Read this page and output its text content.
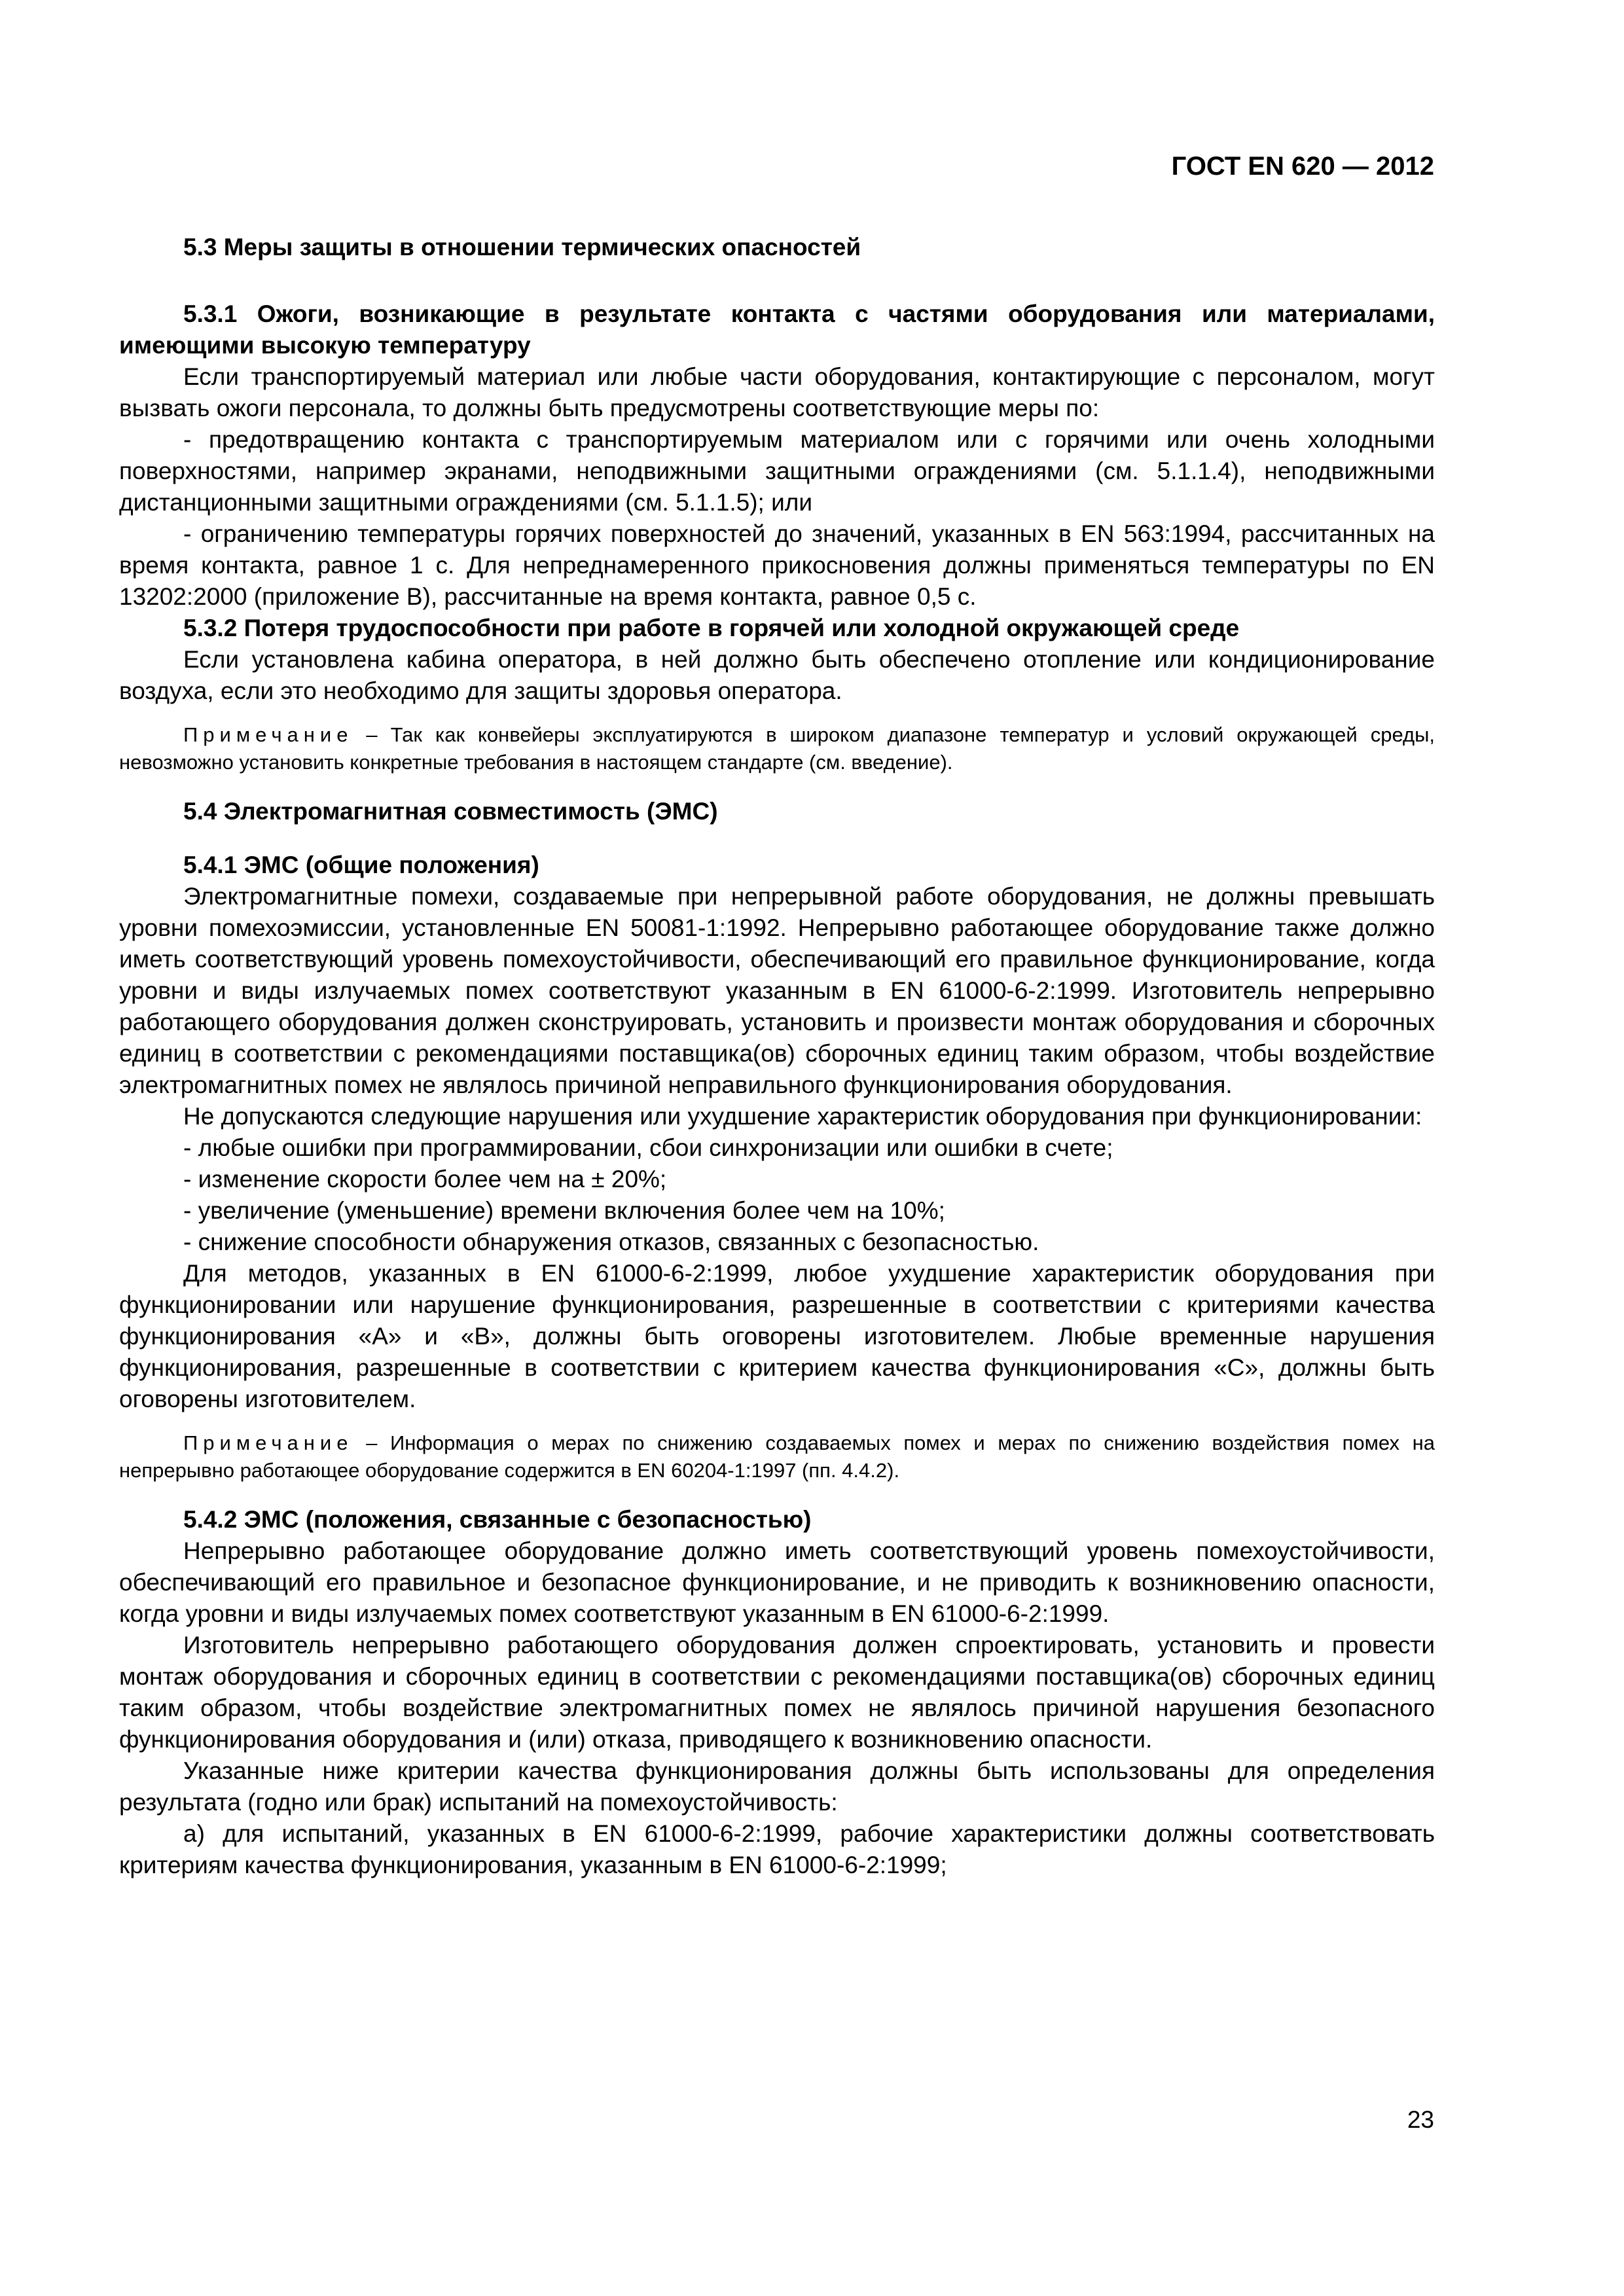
ГОСТ EN 620 — 2012

5.3 Меры защиты в отношении термических опасностей

5.3.1 Ожоги, возникающие в результате контакта с частями оборудования или материалами, имеющими высокую температуру

Если транспортируемый материал или любые части оборудования, контактирующие с персоналом, могут вызвать ожоги персонала, то должны быть предусмотрены соответствующие меры по:

- предотвращению контакта с транспортируемым материалом или с горячими или очень холодными поверхностями, например экранами, неподвижными защитными ограждениями (см. 5.1.1.4), неподвижными дистанционными защитными ограждениями (см. 5.1.1.5); или

- ограничению температуры горячих поверхностей до значений, указанных в EN 563:1994, рассчитанных на время контакта, равное 1 с. Для непреднамеренного прикосновения должны применяться температуры по EN 13202:2000 (приложение В), рассчитанные на время контакта, равное 0,5 с.

5.3.2 Потеря трудоспособности при работе в горячей или холодной окружающей среде

Если установлена кабина оператора, в ней должно быть обеспечено отопление или кондиционирование воздуха, если это необходимо для защиты здоровья оператора.

Примечание – Так как конвейеры эксплуатируются в широком диапазоне температур и условий окружающей среды, невозможно установить конкретные требования в настоящем стандарте (см. введение).

5.4 Электромагнитная совместимость (ЭМС)

5.4.1 ЭМС (общие положения)

Электромагнитные помехи, создаваемые при непрерывной работе оборудования, не должны превышать уровни помехоэмиссии, установленные EN 50081-1:1992. Непрерывно работающее оборудование также должно иметь соответствующий уровень помехоустойчивости, обеспечивающий его правильное функционирование, когда уровни и виды излучаемых помех соответствуют указанным в EN 61000-6-2:1999. Изготовитель непрерывно работающего оборудования должен сконструировать, установить и произвести монтаж оборудования и сборочных единиц в соответствии с рекомендациями поставщика(ов) сборочных единиц таким образом, чтобы воздействие электромагнитных помех не являлось причиной неправильного функционирования оборудования.

Не допускаются следующие нарушения или ухудшение характеристик оборудования при функционировании:

- любые ошибки при программировании, сбои синхронизации или ошибки в счете;

- изменение скорости более чем на ± 20%;

- увеличение (уменьшение) времени включения более чем на 10%;

- снижение способности обнаружения отказов, связанных с безопасностью.

Для методов, указанных в EN 61000-6-2:1999, любое ухудшение характеристик оборудования при функционировании или нарушение функционирования, разрешенные в соответствии с критериями качества функционирования «А» и «В», должны быть оговорены изготовителем. Любые временные нарушения функционирования, разрешенные в соответствии с критерием качества функционирования «С», должны быть оговорены изготовителем.

Примечание – Информация о мерах по снижению создаваемых помех и мерах по снижению воздействия помех на непрерывно работающее оборудование содержится в EN 60204-1:1997 (пп. 4.4.2).

5.4.2 ЭМС (положения, связанные с безопасностью)

Непрерывно работающее оборудование должно иметь соответствующий уровень помехоустойчивости, обеспечивающий его правильное и безопасное функционирование, и не приводить к возникновению опасности, когда уровни и виды излучаемых помех соответствуют указанным в EN 61000-6-2:1999.

Изготовитель непрерывно работающего оборудования должен спроектировать, установить и провести монтаж оборудования и сборочных единиц в соответствии с рекомендациями поставщика(ов) сборочных единиц таким образом, чтобы воздействие электромагнитных помех не являлось причиной нарушения безопасного функционирования оборудования и (или) отказа, приводящего к возникновению опасности.

Указанные ниже критерии качества функционирования должны быть использованы для определения результата (годно или брак) испытаний на помехоустойчивость:

а) для испытаний, указанных в EN 61000-6-2:1999, рабочие характеристики должны соответствовать критериям качества функционирования, указанным в EN 61000-6-2:1999;

23
